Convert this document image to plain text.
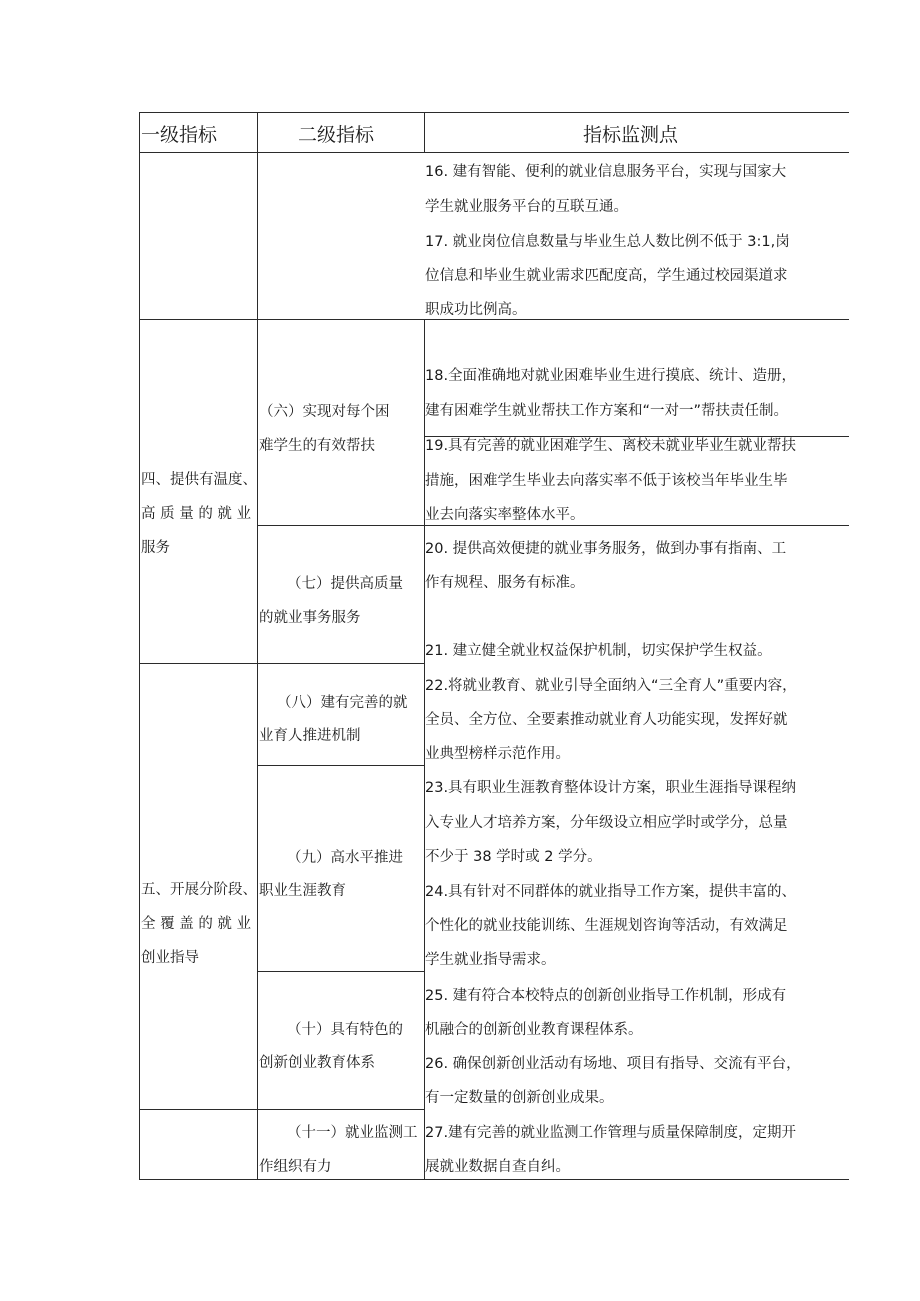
一级指标	二级指标	指标监测点
16. 建有智能、便利的就业信息服务平台，实现与国家大
学生就业服务平台的互联互通。
17. 就业岗位信息数量与毕业生总人数比例不低于 3:1,岗
位信息和毕业生就业需求匹配度高，学生通过校园渠道求
职成功比例高。
四、提供有温度、
高 质 量 的 就 业
服务
（六）实现对每个困
难学生的有效帮扶
18.全面准确地对就业困难毕业生进行摸底、统计、造册，
建有困难学生就业帮扶工作方案和“一对一”帮扶责任制。
19.具有完善的就业困难学生、离校未就业毕业生就业帮扶
措施，困难学生毕业去向落实率不低于该校当年毕业生毕
业去向落实率整体水平。
（七）提供高质量
的就业事务服务
20. 提供高效便捷的就业事务服务，做到办事有指南、工
作有规程、服务有标准。
21. 建立健全就业权益保护机制，切实保护学生权益。
（八）建有完善的就
业育人推进机制
22.将就业教育、就业引导全面纳入“三全育人”重要内容，
全员、全方位、全要素推动就业育人功能实现，发挥好就
业典型榜样示范作用。
五、开展分阶段、
全 覆 盖 的 就 业
创业指导
（九）高水平推进
职业生涯教育
23.具有职业生涯教育整体设计方案，职业生涯指导课程纳
入专业人才培养方案，分年级设立相应学时或学分，总量
不少于 38 学时或 2 学分。
24.具有针对不同群体的就业指导工作方案，提供丰富的、
个性化的就业技能训练、生涯规划咨询等活动，有效满足
学生就业指导需求。
（十）具有特色的
创新创业教育体系
25. 建有符合本校特点的创新创业指导工作机制，形成有
机融合的创新创业教育课程体系。
26. 确保创新创业活动有场地、项目有指导、交流有平台，
有一定数量的创新创业成果。
（十一）就业监测工
作组织有力
27.建有完善的就业监测工作管理与质量保障制度，定期开
展就业数据自查自纠。
